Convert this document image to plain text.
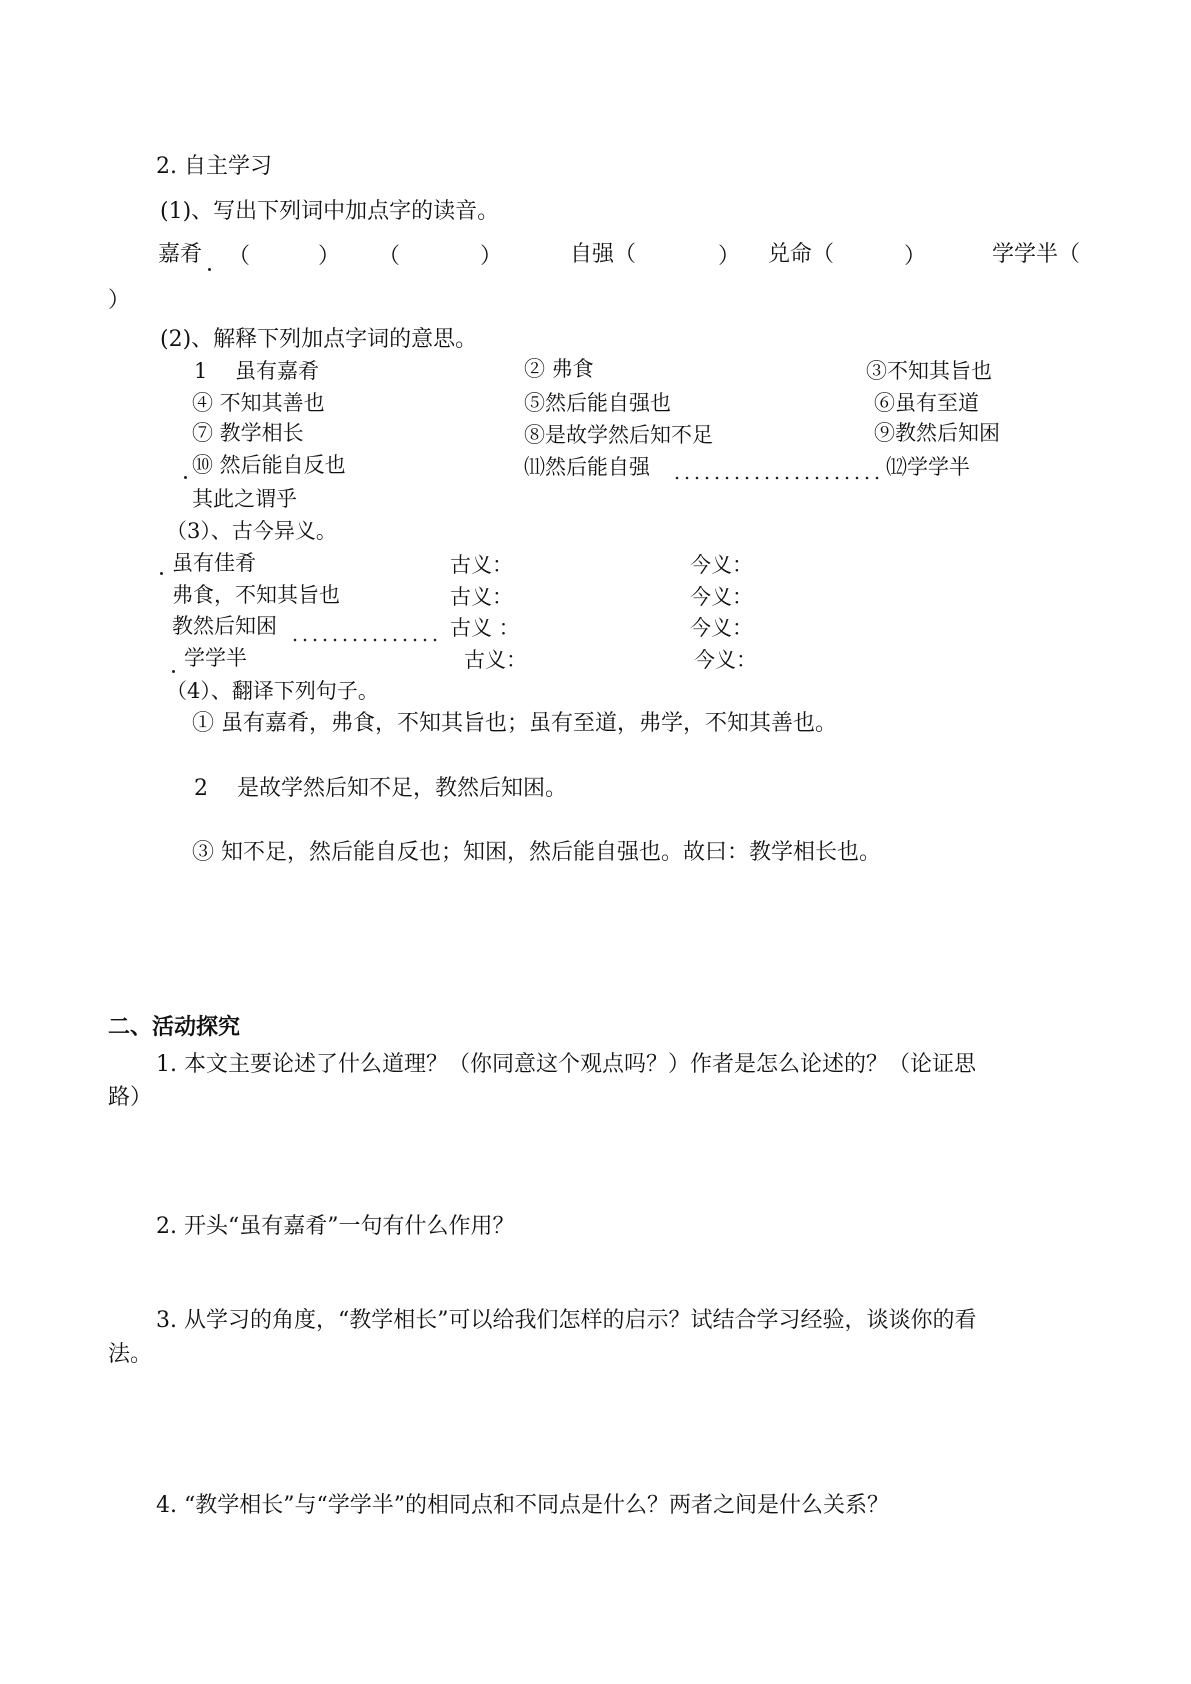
2. 自主学习
(1)、写出下列词中加点字的读音。
嘉肴 （	） （	）	自强（	） 兑命（	）	学学半（
）
(2)、解释下列加点字词的意思。
1　 虽有嘉肴	② 弗食	③不知其旨也
④ 不知其善也	⑤然后能自强也	⑥虽有至道
⑦ 教学相长	⑧是故学然后知不足	⑨教然后知困
⑩ 然后能自反也	⑾然后能自强	⑿学学半
其此之谓乎
（3）、古今异义。
虽有佳肴	古义：	今义：
弗食，不知其旨也	古义：	今义：
教然后知困	古义 ：	今义：
学学半	古义：	今义：
（4）、翻译下列句子。
① 虽有嘉肴，弗食，不知其旨也；虽有至道，弗学，不知其善也。
2　 是故学然后知不足，教然后知困。
③ 知不足，然后能自反也；知困，然后能自强也。故曰：教学相长也。
二、活动探究
1. 本文主要论述了什么道理？（你同意这个观点吗？）作者是怎么论述的？（论证思
路）
2. 开头“虽有嘉肴”一句有什么作用？
3. 从学习的角度，“教学相长”可以给我们怎样的启示？试结合学习经验，谈谈你的看
法。
4. “教学相长”与“学学半”的相同点和不同点是什么？两者之间是什么关系？
